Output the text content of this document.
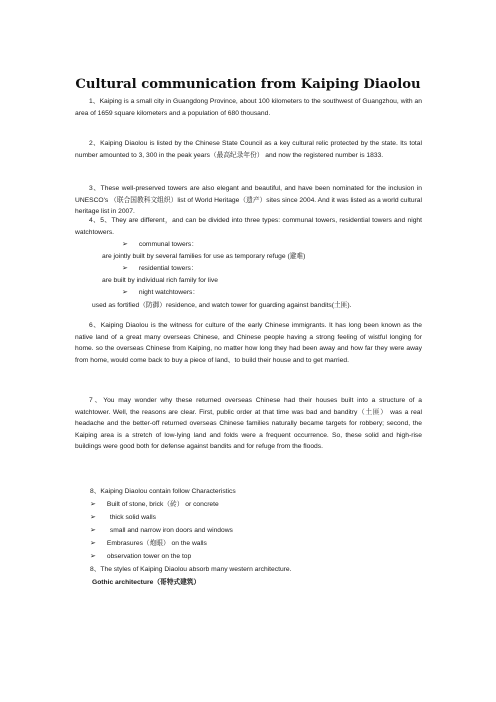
Cultural communication from Kaiping Diaolou

1、Kaiping is a small city in Guangdong Province, about 100 kilometers to the southwest of Guangzhou, with an area of 1659 square kilometers and a population of 680 thousand.

2、Kaiping Diaolou is listed by the Chinese State Council as a key cultural relic protected by the state. Its total number amounted to 3, 300 in the peak years（最高纪录年份） and now the registered number is 1833.

3、These well-preserved towers are also elegant and beautiful, and have been nominated for the inclusion in UNESCO's （联合国教科文组织）list of World Heritage（遗产）sites since 2004. And it was listed as a world cultural heritage list in 2007.

4、5、They are different，and can be divided into three types: communal towers, residential towers and night watchtowers.

➢ communal towers：
are jointly built by several families for use as temporary refuge (避难)
➢ residential towers：
are built by individual rich family for live
➢ night watchtowers：
used as fortified（防御）residence, and watch tower for guarding against bandits(土匪).

6、Kaiping Diaolou is the witness for culture of the early Chinese immigrants. It has long been known as the native land of a great many overseas Chinese, and Chinese people having a strong feeling of wistful longing for home. so the overseas Chinese from Kaiping, no matter how long they had been away and how far they were away from home, would come back to buy a piece of land、to build their house and to get married.

7、You may wonder why these returned overseas Chinese had their houses built into a structure of a watchtower. Well, the reasons are clear. First, public order at that time was bad and banditry（土匪） was a real headache and the better-off returned overseas Chinese families naturally became targets for robbery; second, the Kaiping area is a stretch of low-lying land and folds were a frequent occurrence. So, these solid and high-rise buildings were good both for defense against bandits and for refuge from the floods.

8、Kaiping Diaolou contain follow Characteristics
➢ Built of stone, brick（砖） or concrete
➢ thick solid walls
➢ small and narrow iron doors and windows
➢ Embrasures（炮眼） on the walls
➢ observation tower on the top
8、The styles of Kaiping Diaolou absorb many western architecture.
Gothic architecture（哥特式建筑）
